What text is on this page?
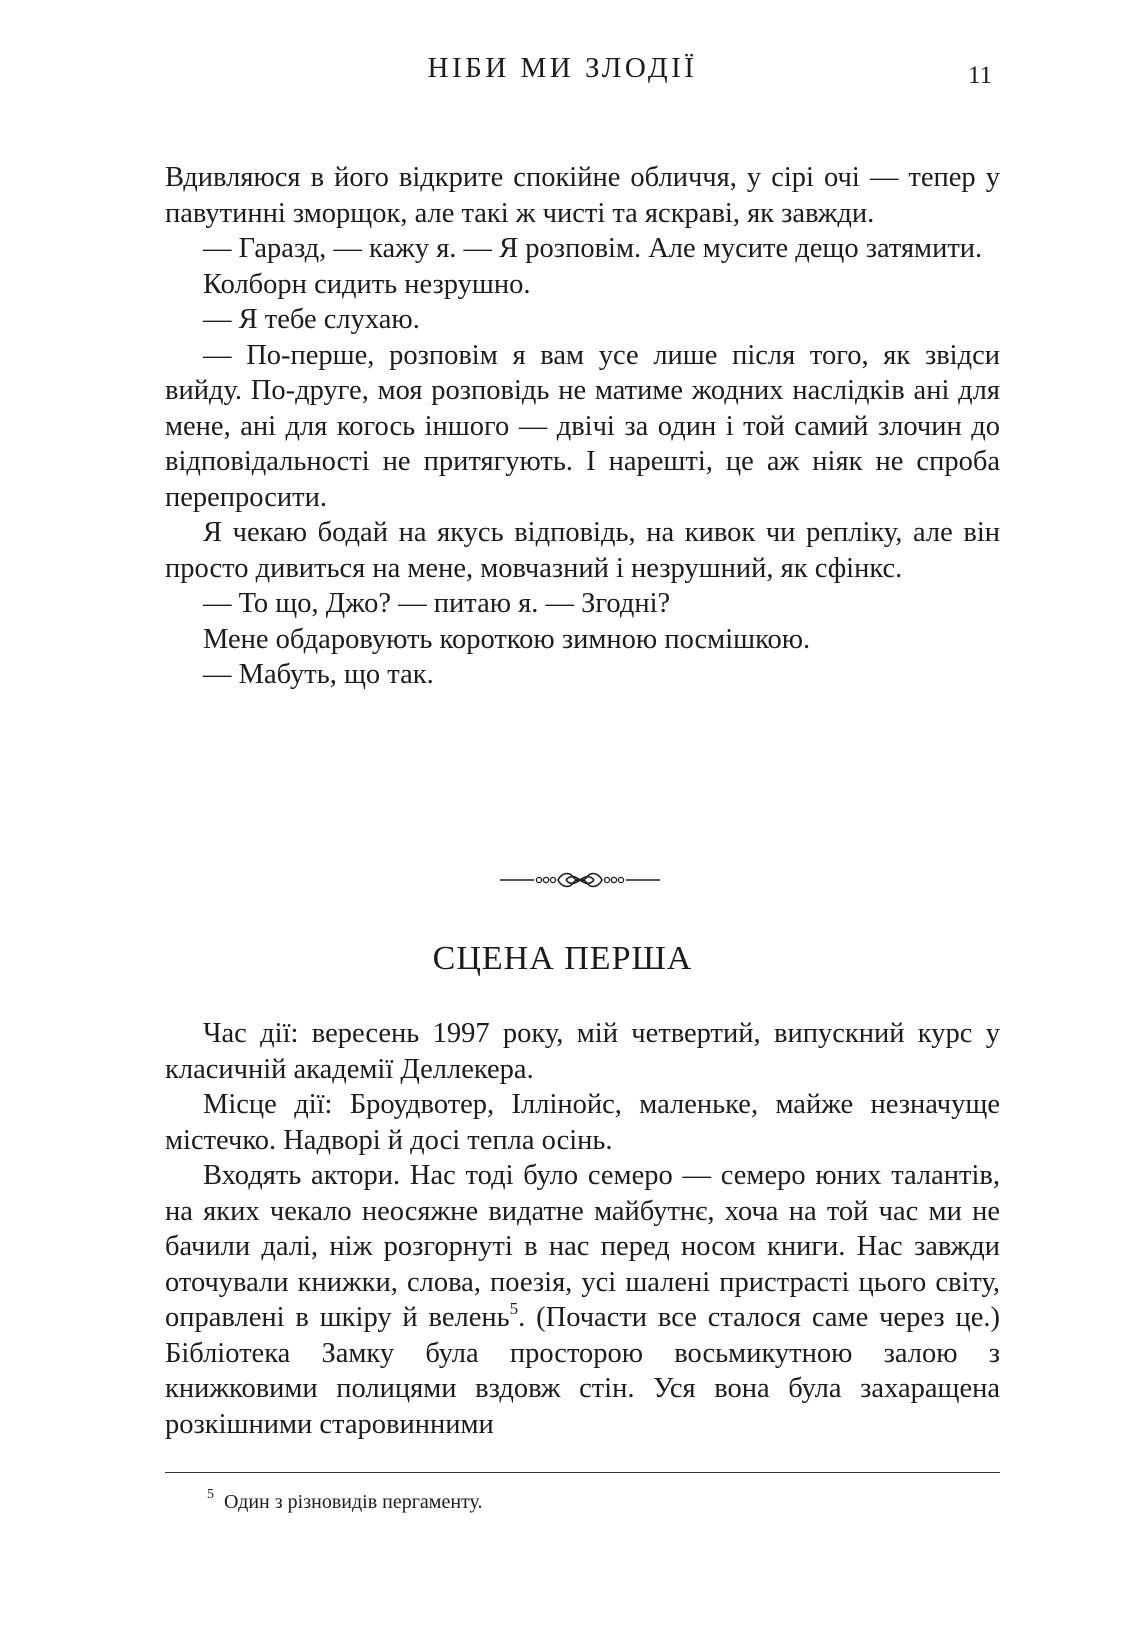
НІБИ МИ ЗЛОДІЇ	11

Вдивляюся в його відкрите спокійне обличчя, у сірі очі — тепер у павутинні зморщок, але такі ж чисті та яскраві, як завжди.

— Гаразд, — кажу я. — Я розповім. Але мусите дещо затямити.

Колборн сидить незрушно.

— Я тебе слухаю.

— По-перше, розповім я вам усе лише після того, як звідси вийду. По-друге, моя розповідь не матиме жодних наслідків ані для мене, ані для когось іншого — двічі за один і той самий злочин до відповідальності не притягують. І нарешті, це аж ніяк не спроба перепросити.

Я чекаю бодай на якусь відповідь, на кивок чи репліку, але він просто дивиться на мене, мовчазний і незрушний, як сфінкс.

— То що, Джо? — питаю я. — Згодні?

Мене обдаровують короткою зимною посмішкою.

— Мабуть, що так.

СЦЕНА ПЕРША

Час дії: вересень 1997 року, мій четвертий, випускний курс у класичній академії Деллекера.

Місце дії: Броудвотер, Іллінойс, маленьке, майже незначуще містечко. Надворі й досі тепла осінь.

Входять актори. Нас тоді було семеро — семеро юних талантів, на яких чекало неосяжне видатне майбутнє, хоча на той час ми не бачили далі, ніж розгорнуті в нас перед носом книги. Нас завжди оточували книжки, слова, поезія, усі шалені пристрасті цього світу, оправлені в шкіру й велень$^5$. (Почасти все сталося саме через це.) Бібліотека Замку була просторою восьмикутною залою з книжковими полицями вздовж стін. Уся вона була захаращена розкішними старовинними

$^5$ Один з різновидів пергаменту.
